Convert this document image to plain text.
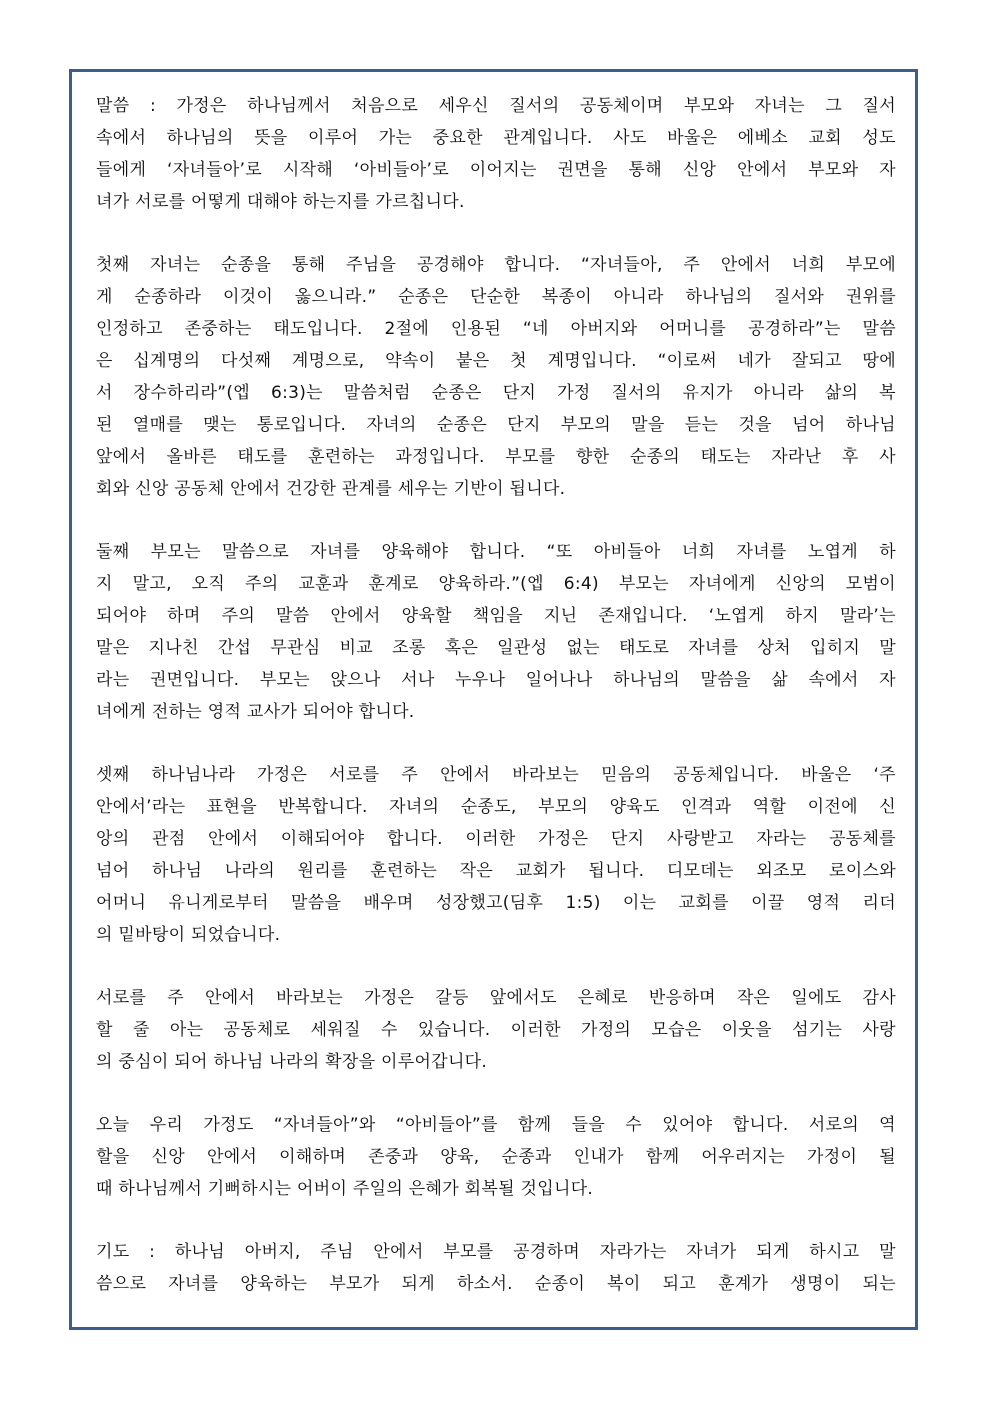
말씀 : 가정은 하나님께서 처음으로 세우신 질서의 공동체이며 부모와 자녀는 그 질서
속에서 하나님의 뜻을 이루어 가는 중요한 관계입니다. 사도 바울은 에베소 교회 성도
들에게 ‘자녀들아’로 시작해 ‘아비들아’로 이어지는 권면을 통해 신앙 안에서 부모와 자
녀가 서로를 어떻게 대해야 하는지를 가르칩니다.
첫째 자녀는 순종을 통해 주님을 공경해야 합니다. “자녀들아, 주 안에서 너희 부모에
게 순종하라 이것이 옳으니라.” 순종은 단순한 복종이 아니라 하나님의 질서와 권위를
인정하고 존중하는 태도입니다. 2절에 인용된 “네 아버지와 어머니를 공경하라”는 말씀
은 십계명의 다섯째 계명으로, 약속이 붙은 첫 계명입니다. “이로써 네가 잘되고 땅에
서 장수하리라”(엡 6:3)는 말씀처럼 순종은 단지 가정 질서의 유지가 아니라 삶의 복
된 열매를 맺는 통로입니다. 자녀의 순종은 단지 부모의 말을 듣는 것을 넘어 하나님
앞에서 올바른 태도를 훈련하는 과정입니다. 부모를 향한 순종의 태도는 자라난 후 사
회와 신앙 공동체 안에서 건강한 관계를 세우는 기반이 됩니다.
둘째 부모는 말씀으로 자녀를 양육해야 합니다. “또 아비들아 너희 자녀를 노엽게 하
지 말고, 오직 주의 교훈과 훈계로 양육하라.”(엡 6:4) 부모는 자녀에게 신앙의 모범이
되어야 하며 주의 말씀 안에서 양육할 책임을 지닌 존재입니다. ‘노엽게 하지 말라’는
말은 지나친 간섭 무관심 비교 조롱 혹은 일관성 없는 태도로 자녀를 상처 입히지 말
라는 권면입니다. 부모는 앉으나 서나 누우나 일어나나 하나님의 말씀을 삶 속에서 자
녀에게 전하는 영적 교사가 되어야 합니다.
셋째 하나님나라 가정은 서로를 주 안에서 바라보는 믿음의 공동체입니다. 바울은 ‘주
안에서’라는 표현을 반복합니다. 자녀의 순종도, 부모의 양육도 인격과 역할 이전에 신
앙의 관점 안에서 이해되어야 합니다. 이러한 가정은 단지 사랑받고 자라는 공동체를
넘어 하나님 나라의 원리를 훈련하는 작은 교회가 됩니다. 디모데는 외조모 로이스와
어머니 유니게로부터 말씀을 배우며 성장했고(딤후 1:5) 이는 교회를 이끌 영적 리더
의 밑바탕이 되었습니다.
서로를 주 안에서 바라보는 가정은 갈등 앞에서도 은혜로 반응하며 작은 일에도 감사
할 줄 아는 공동체로 세워질 수 있습니다. 이러한 가정의 모습은 이웃을 섬기는 사랑
의 중심이 되어 하나님 나라의 확장을 이루어갑니다.
오늘 우리 가정도 “자녀들아”와 “아비들아”를 함께 들을 수 있어야 합니다. 서로의 역
할을 신앙 안에서 이해하며 존중과 양육, 순종과 인내가 함께 어우러지는 가정이 될
때 하나님께서 기뻐하시는 어버이 주일의 은혜가 회복될 것입니다.
기도 : 하나님 아버지, 주님 안에서 부모를 공경하며 자라가는 자녀가 되게 하시고 말
씀으로 자녀를 양육하는 부모가 되게 하소서. 순종이 복이 되고 훈계가 생명이 되는
